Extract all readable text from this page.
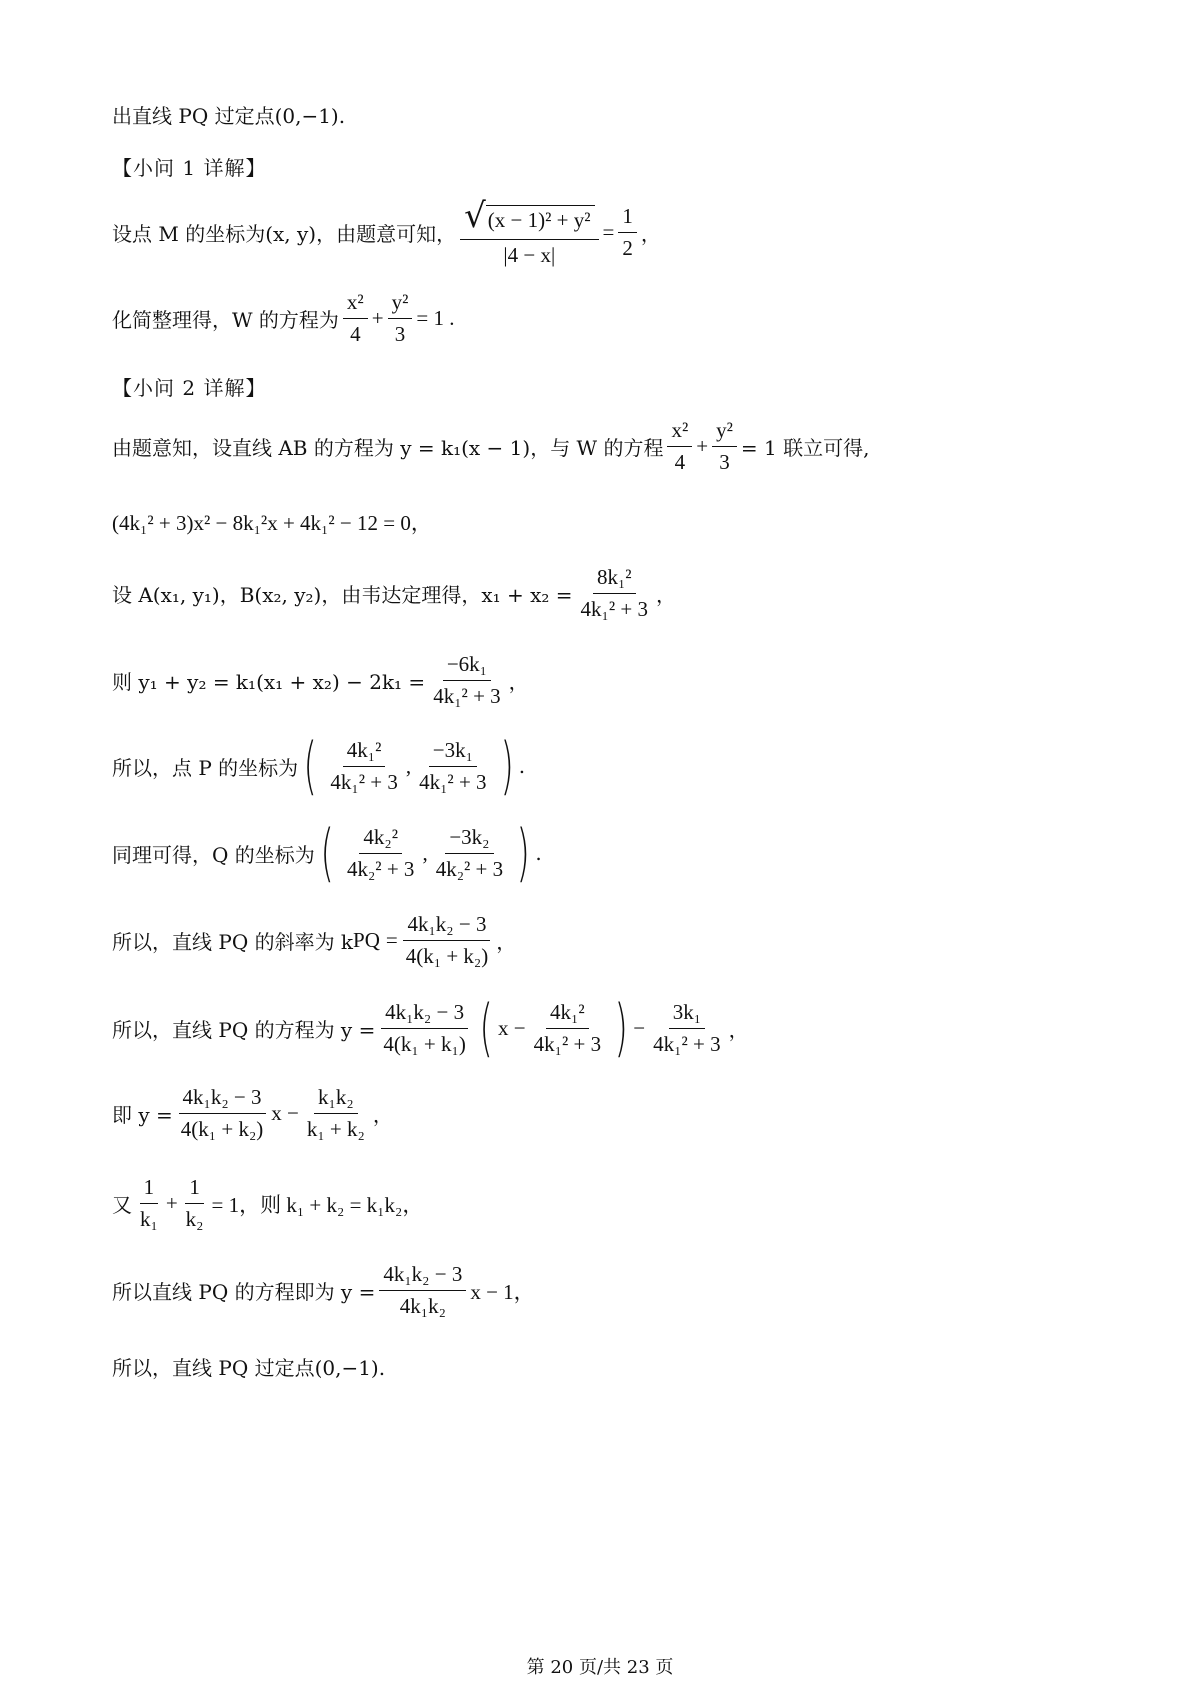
出直线 PQ 过定点(0,−1).
【小问 1 详解】
设点 M 的坐标为(x, y)，由题意可知， $\frac{\text{√(x − 1)² + y²}}{|4 - x|} = \frac{1}{2}$ ，
化简整理得，W 的方程为 $\frac{\text{x²}}{4} + \frac{\text{y²}}{3} = 1$ .
【小问 2 详解】
由题意知，设直线 AB 的方程为 y = k₁(x − 1)，与 W 的方程 $\frac{\text{x²}}{4} + \frac{\text{y²}}{3} = 1$ 联立可得,
(4k₁² + 3)x² − 8k₁²x + 4k₁² − 12 = 0，
设 A(x₁, y₁)，B(x₂, y₂)，由韦达定理得，$x_1 + x_2 = \frac{\text{8k₁²}}{\text{4k₁² + 3}}$ ，
则 $y_1 + y_2 = k_1(x_1 + x_2) - 2k_1 = \frac{\text{−6k₁}}{\text{4k₁² + 3}}$ ，
所以，点 P 的坐标为 ( $\frac{\text{4k₁²}}{\text{4k₁² + 3}}$ , $\frac{\text{−3k₁}}{\text{4k₁² + 3}}$ ) .
同理可得，Q 的坐标为 ( $\frac{\text{4k₂²}}{\text{4k₂² + 3}}$ , $\frac{\text{−3k₂}}{\text{4k₂² + 3}}$ ) .
所以，直线 PQ 的斜率为 k PQ = $\frac{\text{4k₁k₂ − 3}}{\text{4(k₁ + k₂)}}$ ，
所以，直线 PQ 的方程为 $y = \frac{\text{4k₁k₂ − 3}}{\text{4(k₁ + k₁)}}$ ( $x - \frac{\text{4k₁²}}{\text{4k₁² + 3}}$ ) − $\frac{\text{3k₁}}{\text{4k₁² + 3}}$ ，
即 $y = \frac{\text{4k₁k₂ − 3}}{\text{4(k₁ + k₂)}}$ $x - \frac{\text{k₁k₂}}{\text{k₁ + k₂}}$ ，
又 $\frac{1}{\text{k₁}} + \frac{1}{\text{k₂}} = 1$，则 k₁ + k₂ = k₁k₂，
所以直线 PQ 的方程即为 $y = \frac{\text{4k₁k₂ − 3}}{\text{4k₁k₂}}$ x − 1，
所以，直线 PQ 过定点(0,−1).
第 20 页/共 23 页
